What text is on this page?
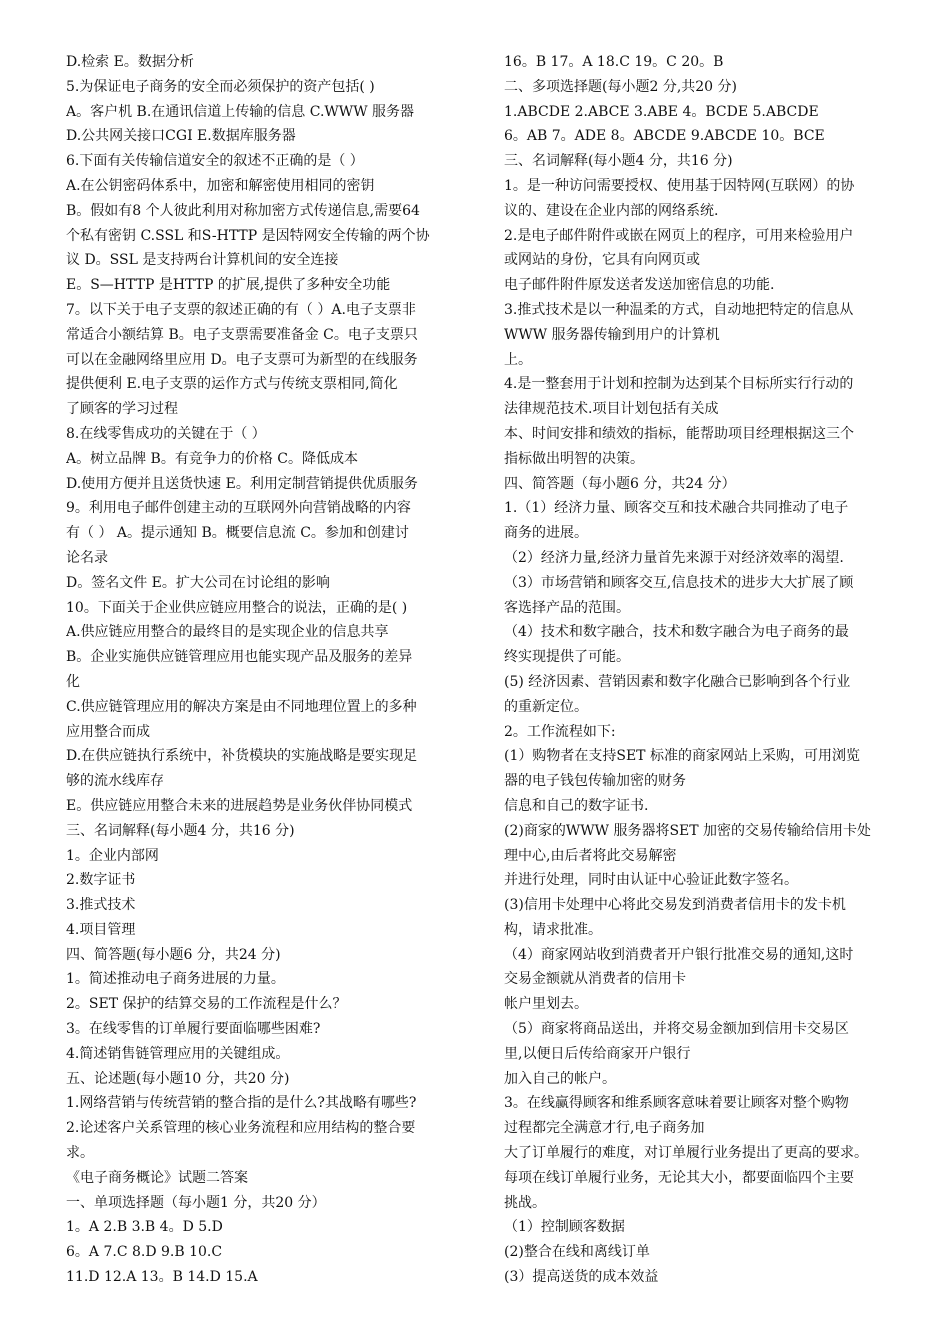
D.检索 E。数据分析
5.为保证电子商务的安全而必须保护的资产包括( )
A。客户机 B.在通讯信道上传输的信息 C.WWW 服务器
D.公共网关接口CGI E.数据库服务器
6.下面有关传输信道安全的叙述不正确的是（ ）
A.在公钥密码体系中，加密和解密使用相同的密钥
B。假如有8 个人彼此利用对称加密方式传递信息,需要64
个私有密钥 C.SSL 和S-HTTP 是因特网安全传输的两个协
议 D。SSL 是支持两台计算机间的安全连接
E。S—HTTP 是HTTP 的扩展,提供了多种安全功能
7。以下关于电子支票的叙述正确的有（ ）A.电子支票非
常适合小额结算 B。电子支票需要准备金 C。电子支票只
可以在金融网络里应用 D。电子支票可为新型的在线服务
提供便利 E.电子支票的运作方式与传统支票相同,简化
了顾客的学习过程
8.在线零售成功的关键在于（ ）
A。树立品牌 B。有竞争力的价格 C。降低成本
D.使用方便并且送货快速 E。利用定制营销提供优质服务
9。利用电子邮件创建主动的互联网外向营销战略的内容
有（ ） A。提示通知 B。概要信息流 C。参加和创建讨
论名录
D。签名文件 E。扩大公司在讨论组的影响
10。下面关于企业供应链应用整合的说法，正确的是( )
A.供应链应用整合的最终目的是实现企业的信息共享
B。企业实施供应链管理应用也能实现产品及服务的差异
化
C.供应链管理应用的解决方案是由不同地理位置上的多种
应用整合而成
D.在供应链执行系统中，补货模块的实施战略是要实现足
够的流水线库存
E。供应链应用整合未来的进展趋势是业务伙伴协同模式
三、名词解释(每小题4 分，共16 分)
1。企业内部网
2.数字证书
3.推式技术
4.项目管理
四、简答题(每小题6 分，共24 分)
1。简述推动电子商务进展的力量。
2。SET 保护的结算交易的工作流程是什么？
3。在线零售的订单履行要面临哪些困难?
4.简述销售链管理应用的关键组成。
五、论述题(每小题10 分，共20 分)
1.网络营销与传统营销的整合指的是什么?其战略有哪些?
2.论述客户关系管理的核心业务流程和应用结构的整合要
求。
《电子商务概论》试题二答案
一、单项选择题（每小题1 分，共20 分）
1。A 2.B 3.B 4。D 5.D
6。A 7.C 8.D 9.B 10.C
11.D 12.A 13。B 14.D 15.A
16。B 17。A 18.C 19。C 20。B
二、多项选择题(每小题2 分,共20 分)
1.ABCDE 2.ABCE 3.ABE 4。BCDE 5.ABCDE
6。AB 7。ADE 8。ABCDE 9.ABCDE 10。BCE
三、名词解释(每小题4 分，共16 分)
1。是一种访问需要授权、使用基于因特网(互联网）的协
议的、建设在企业内部的网络系统.
2.是电子邮件附件或嵌在网页上的程序，可用来检验用户
或网站的身份，它具有向网页或
电子邮件附件原发送者发送加密信息的功能.
3.推式技术是以一种温柔的方式，自动地把特定的信息从
WWW 服务器传输到用户的计算机
上。
4.是一整套用于计划和控制为达到某个目标所实行行动的
法律规范技术.项目计划包括有关成
本、时间安排和绩效的指标，能帮助项目经理根据这三个
指标做出明智的决策。
四、简答题（每小题6 分，共24 分）
1.（1）经济力量、顾客交互和技术融合共同推动了电子
商务的进展。
（2）经济力量,经济力量首先来源于对经济效率的渴望.
（3）市场营销和顾客交互,信息技术的进步大大扩展了顾
客选择产品的范围。
（4）技术和数字融合，技术和数字融合为电子商务的最
终实现提供了可能。
(5) 经济因素、营销因素和数字化融合已影响到各个行业
的重新定位。
2。工作流程如下:
(1）购物者在支持SET 标准的商家网站上采购，可用浏览
器的电子钱包传输加密的财务
信息和自己的数字证书.
(2)商家的WWW 服务器将SET 加密的交易传输给信用卡处
理中心,由后者将此交易解密
并进行处理，同时由认证中心验证此数字签名。
(3)信用卡处理中心将此交易发到消费者信用卡的发卡机
构，请求批准。
（4）商家网站收到消费者开户银行批准交易的通知,这时
交易金额就从消费者的信用卡
帐户里划去。
（5）商家将商品送出，并将交易金额加到信用卡交易区
里,以便日后传给商家开户银行
加入自己的帐户。
3。在线赢得顾客和维系顾客意味着要让顾客对整个购物
过程都完全满意才行,电子商务加
大了订单履行的难度，对订单履行业务提出了更高的要求。
每项在线订单履行业务，无论其大小，都要面临四个主要
挑战。
（1）控制顾客数据
(2)整合在线和离线订单
(3）提高送货的成本效益
